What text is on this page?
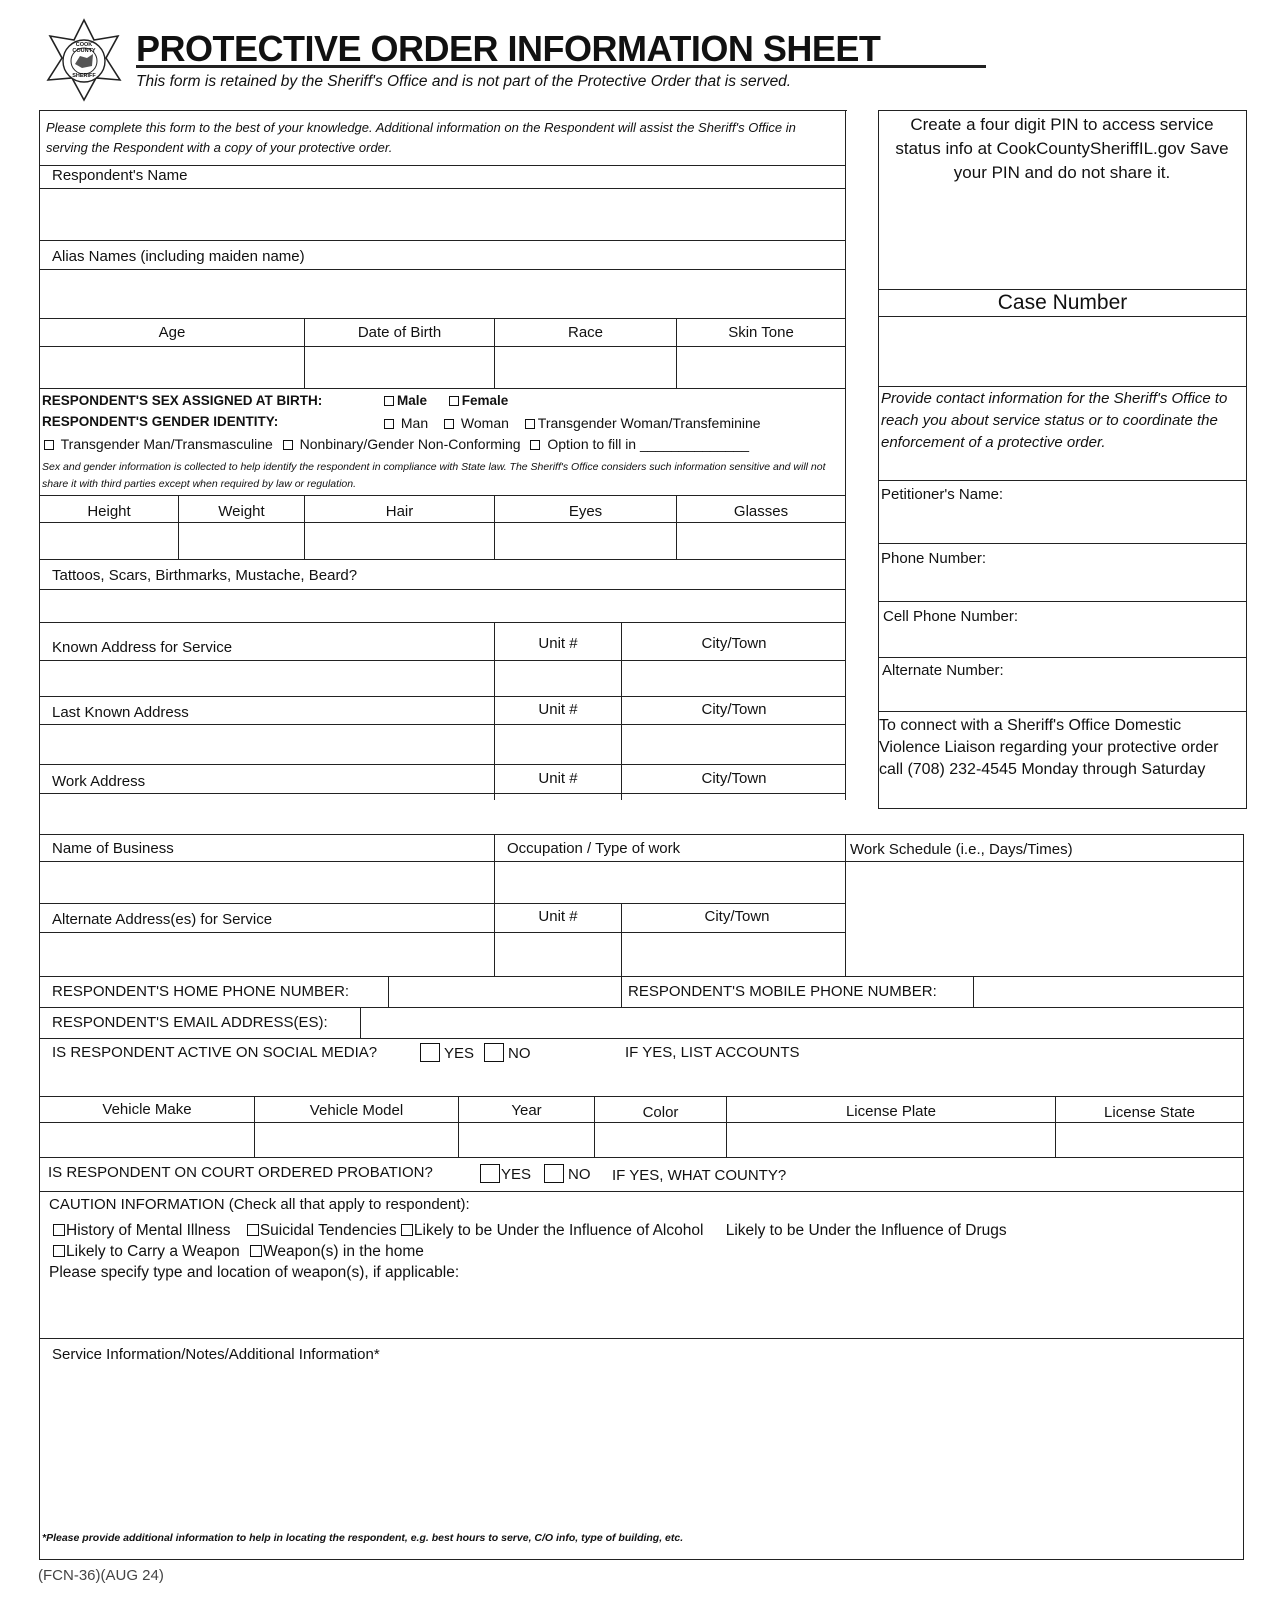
COOK COUNTY
SHERIFF
PROTECTIVE ORDER INFORMATION SHEET
This form is retained by the Sheriff's Office and is not part of the Protective Order that is served.
Please complete this form to the best of your knowledge. Additional information on the Respondent will assist the Sheriff's Office in serving the Respondent with a copy of your protective order.
Respondent's Name
Alias Names (including maiden name)
Age	Date of Birth	Race	Skin Tone
RESPONDENT'S SEX ASSIGNED AT BIRTH:	Male	Female
RESPONDENT'S GENDER IDENTITY:	Man Woman Transgender Woman/Transfeminine
Transgender Man/Transmasculine Nonbinary/Gender Non-Conforming Option to fill in ______________
Sex and gender information is collected to help identify the respondent in compliance with State law. The Sheriff's Office considers such information sensitive and will not share it with third parties except when required by law or regulation.
Height	Weight	Hair	Eyes	Glasses
Tattoos, Scars, Birthmarks, Mustache, Beard?
Known Address for Service	Unit #	City/Town
Last Known Address	Unit #	City/Town
Work Address	Unit #	City/Town
Create a four digit PIN to access service status info at CookCountySheriffIL.gov Save your PIN and do not share it.
Case Number
Provide contact information for the Sheriff's Office to reach you about service status or to coordinate the enforcement of a protective order.
Petitioner's Name:
Phone Number:
Cell Phone Number:
Alternate Number:
To connect with a Sheriff's Office Domestic Violence Liaison regarding your protective order call (708) 232-4545 Monday through Saturday
Name of Business	Occupation / Type of work	Work Schedule (i.e., Days/Times)
Alternate Address(es) for Service	Unit #	City/Town
RESPONDENT'S HOME PHONE NUMBER:	RESPONDENT'S MOBILE PHONE NUMBER:
RESPONDENT'S EMAIL ADDRESS(ES):
IS RESPONDENT ACTIVE ON SOCIAL MEDIA?	YES	NO	IF YES, LIST ACCOUNTS
Vehicle Make	Vehicle Model	Year	Color	License Plate	License State
IS RESPONDENT ON COURT ORDERED PROBATION?	YES	NO IF YES, WHAT COUNTY?
CAUTION INFORMATION (Check all that apply to respondent):
History of Mental Illness Suicidal Tendencies Likely to be Under the Influence of Alcohol Likely to be Under the Influence of Drugs
Likely to Carry a Weapon Weapon(s) in the home
Please specify type and location of weapon(s), if applicable:
Service Information/Notes/Additional Information*
*Please provide additional information to help in locating the respondent, e.g. best hours to serve, C/O info, type of building, etc.
(FCN-36)(AUG 24)
